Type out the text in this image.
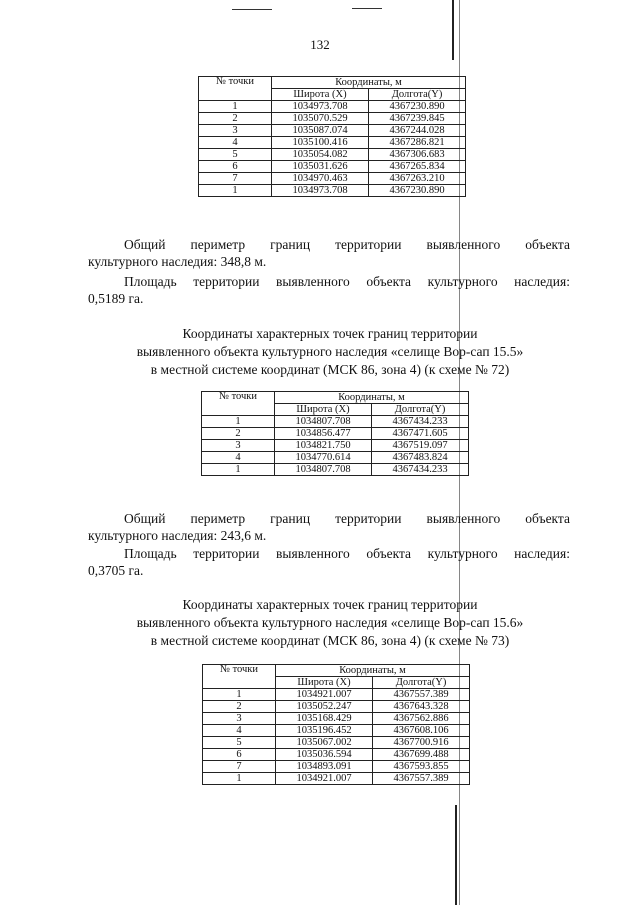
132
№ точки	Координаты, м	
	Широта (X)	Долгота(Y)
1	1034973.708	4367230.890
2	1035070.529	4367239.845
3	1035087.074	4367244.028
4	1035100.416	4367286.821
5	1035054.082	4367306.683
6	1035031.626	4367265.834
7	1034970.463	4367263.210
1	1034973.708	4367230.890
Общий периметр границ территории выявленного объекта
культурного наследия: 348,8 м.
Площадь территории выявленного объекта культурного наследия:
0,5189 га.
Координаты характерных точек границ территории
выявленного объекта культурного наследия «селище Вор-сап 15.5»
в местной системе координат (МСК 86, зона 4) (к схеме № 72)
№ точки	Координаты, м	
	Широта (X)	Долгота(Y)
1	1034807.708	4367434.233
2	1034856.477	4367471.605
3	1034821.750	4367519.097
4	1034770.614	4367483.824
1	1034807.708	4367434.233
Общий периметр границ территории выявленного объекта
культурного наследия: 243,6 м.
Площадь территории выявленного объекта культурного наследия:
0,3705 га.
Координаты характерных точек границ территории
выявленного объекта культурного наследия «селище Вор-сап 15.6»
в местной системе координат (МСК 86, зона 4) (к схеме № 73)
№ точки	Координаты, м	
	Широта (X)	Долгота(Y)
1	1034921.007	4367557.389
2	1035052.247	4367643.328
3	1035168.429	4367562.886
4	1035196.452	4367608.106
5	1035067.002	4367700.916
6	1035036.594	4367699.488
7	1034893.091	4367593.855
1	1034921.007	4367557.389
